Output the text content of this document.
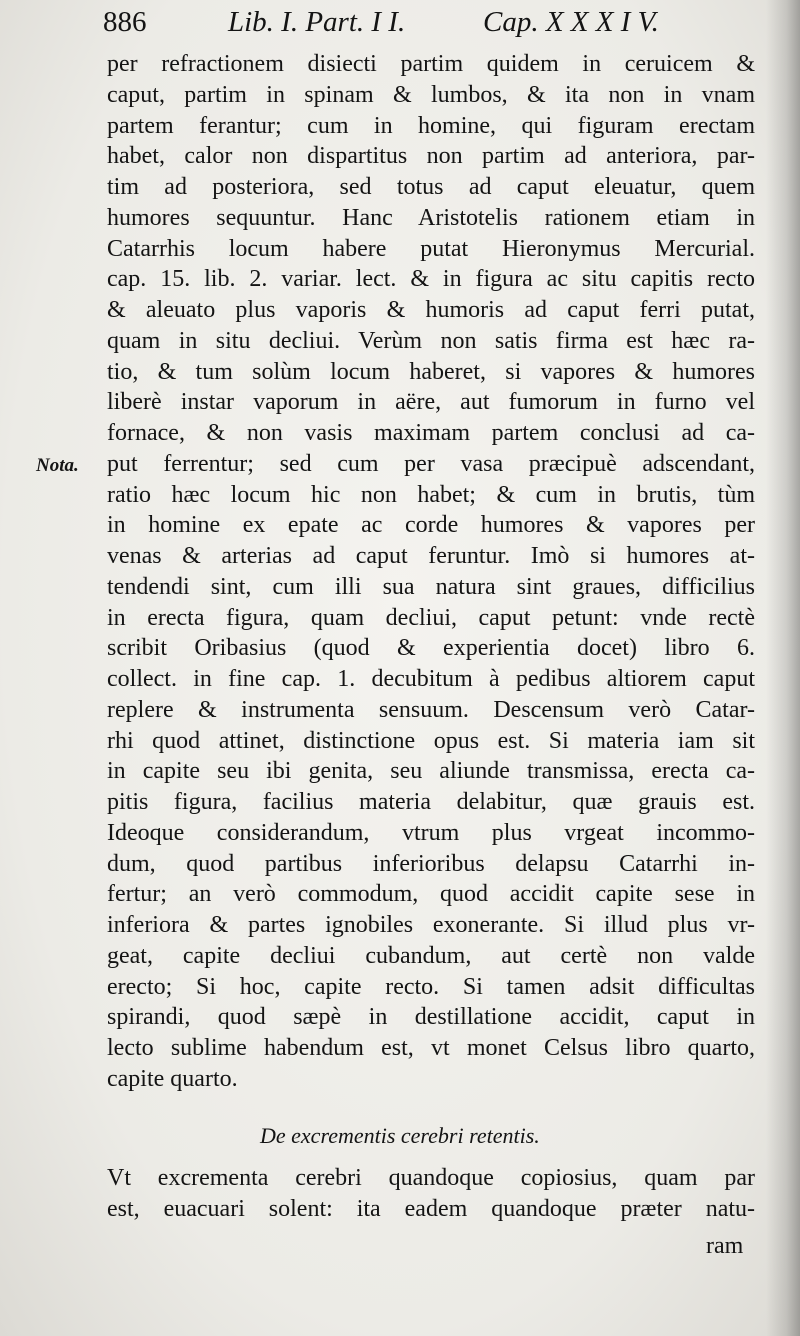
886	Lib. I. Part. I I.	Cap. X X X I V.
Nota.
per refractionem disiecti partim quidem in ceruicem &
caput, partim in spinam & lumbos, & ita non in vnam
partem ferantur; cum in homine, qui figuram erectam
habet, calor non dispartitus non partim ad anteriora, par-
tim ad posteriora, sed totus ad caput eleuatur, quem
humores sequuntur. Hanc Aristotelis rationem etiam in
Catarrhis locum habere putat Hieronymus Mercurial.
cap. 15. lib. 2. variar. lect. & in figura ac situ capitis recto
& aleuato plus vaporis & humoris ad caput ferri putat,
quam in situ decliui. Verùm non satis firma est hæc ra-
tio, & tum solùm locum haberet, si vapores & humores
liberè instar vaporum in aëre, aut fumorum in furno vel
fornace, & non vasis maximam partem conclusi ad ca-
put ferrentur; sed cum per vasa præcipuè adscendant,
ratio hæc locum hic non habet; & cum in brutis, tùm
in homine ex epate ac corde humores & vapores per
venas & arterias ad caput feruntur. Imò si humores at-
tendendi sint, cum illi sua natura sint graues, difficilius
in erecta figura, quam decliui, caput petunt: vnde rectè
scribit Oribasius (quod & experientia docet) libro 6.
collect. in fine cap. 1. decubitum à pedibus altiorem caput
replere & instrumenta sensuum. Descensum verò Catar-
rhi quod attinet, distinctione opus est. Si materia iam sit
in capite seu ibi genita, seu aliunde transmissa, erecta ca-
pitis figura, facilius materia delabitur, quæ grauis est.
Ideoque considerandum, vtrum plus vrgeat incommo-
dum, quod partibus inferioribus delapsu Catarrhi in-
fertur; an verò commodum, quod accidit capite sese in
inferiora & partes ignobiles exonerante. Si illud plus vr-
geat, capite decliui cubandum, aut certè non valde
erecto; Si hoc, capite recto. Si tamen adsit difficultas
spirandi, quod sæpè in destillatione accidit, caput in
lecto sublime habendum est, vt monet Celsus libro quarto,
capite quarto.
De excrementis cerebri retentis.
Vt excrementa cerebri quandoque copiosius, quam par
est, euacuari solent: ita eadem quandoque præter natu-
ram
